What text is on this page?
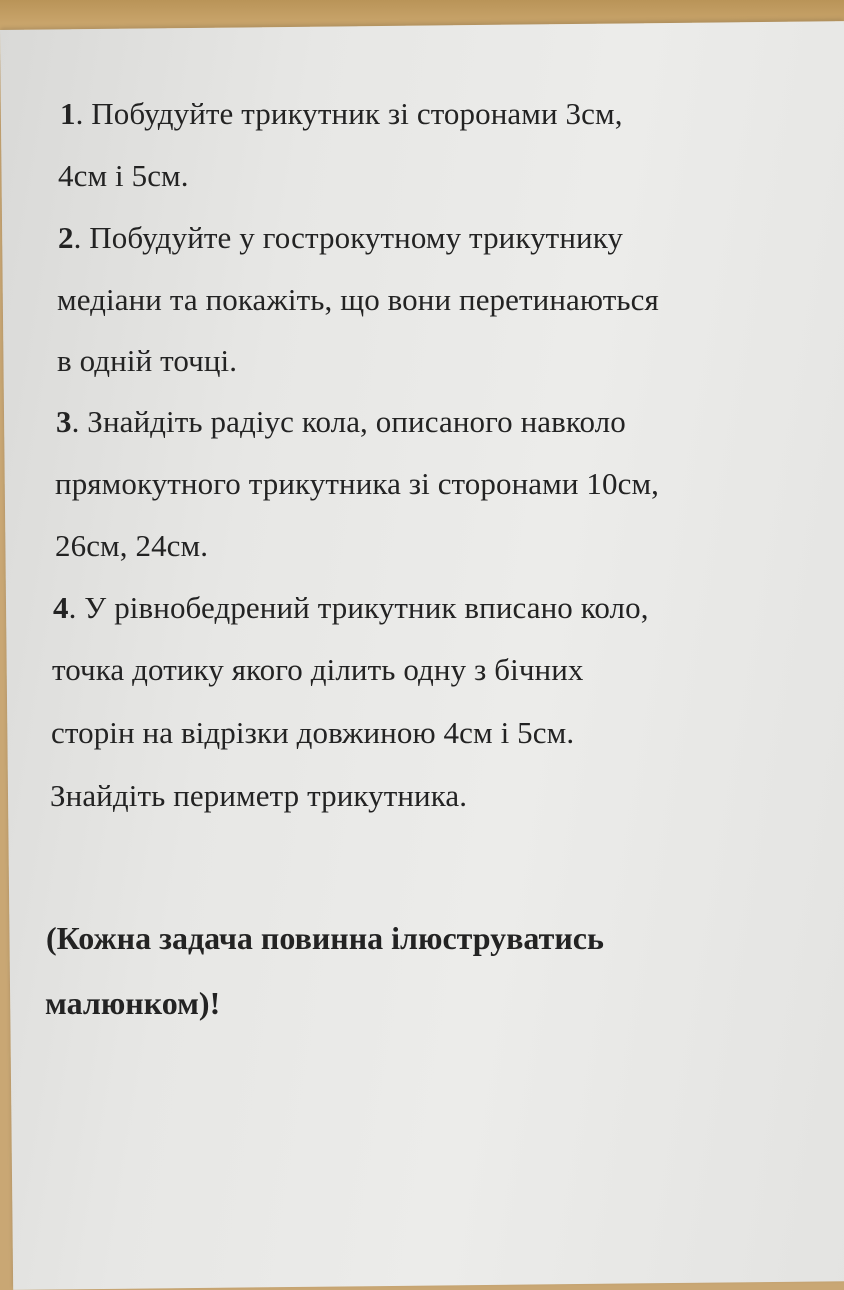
1. Побудуйте трикутник зі сторонами 3см,
4см і 5см.
2. Побудуйте у гострокутному трикутнику
медіани та покажіть, що вони перетинаються
в одній точці.
3. Знайдіть радіус кола, описаного навколо
прямокутного трикутника зі сторонами 10см,
26см, 24см.
4. У рівнобедрений трикутник вписано коло,
точка дотику якого ділить одну з бічних
сторін на відрізки довжиною 4см і 5см.
Знайдіть периметр трикутника.
(Кожна задача повинна ілюструватись
малюнком)!
